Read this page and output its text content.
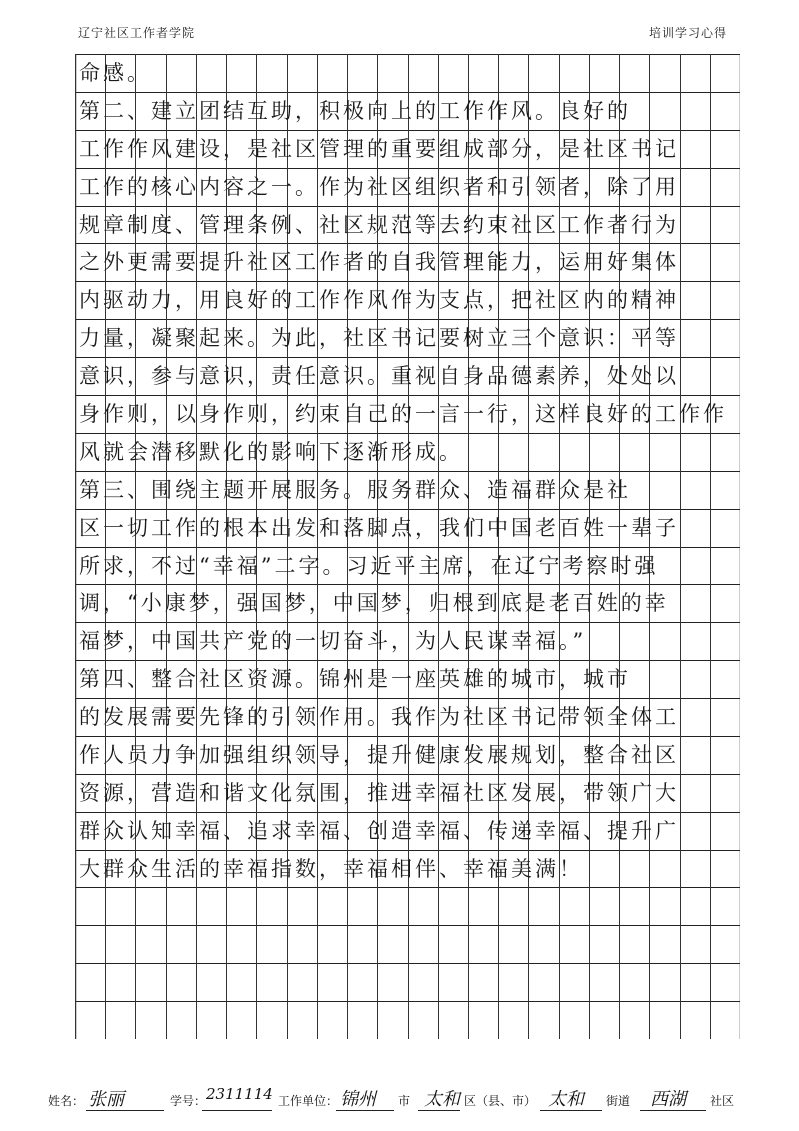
辽宁社区工作者学院	培训学习心得
命感。
第二、建立团结互助，积极向上的工作作风。良好的
工作作风建设，是社区管理的重要组成部分，是社区书记
工作的核心内容之一。作为社区组织者和引领者，除了用
规章制度、管理条例、社区规范等去约束社区工作者行为
之外更需要提升社区工作者的自我管理能力，运用好集体
内驱动力，用良好的工作作风作为支点，把社区内的精神
力量，凝聚起来。为此，社区书记要树立三个意识：平等
意识，参与意识，责任意识。重视自身品德素养，处处以
身作则，以身作则，约束自己的一言一行，这样良好的工作作
风就会潜移默化的影响下逐渐形成。
第三、围绕主题开展服务。服务群众、造福群众是社
区一切工作的根本出发和落脚点，我们中国老百姓一辈子
所求，不过“幸福”二字。习近平主席，在辽宁考察时强
调，“小康梦，强国梦，中国梦，归根到底是老百姓的幸
福梦，中国共产党的一切奋斗，为人民谋幸福。”
第四、整合社区资源。锦州是一座英雄的城市，城市
的发展需要先锋的引领作用。我作为社区书记带领全体工
作人员力争加强组织领导，提升健康发展规划，整合社区
资源，营造和谐文化氛围，推进幸福社区发展，带领广大
群众认知幸福、追求幸福、创造幸福、传递幸福、提升广
大群众生活的幸福指数，幸福相伴、幸福美满！
姓名： 张丽	学号： 2311114 工作单位： 锦州 市 太和 区（县、市） 太和 街道 西湖 社区
